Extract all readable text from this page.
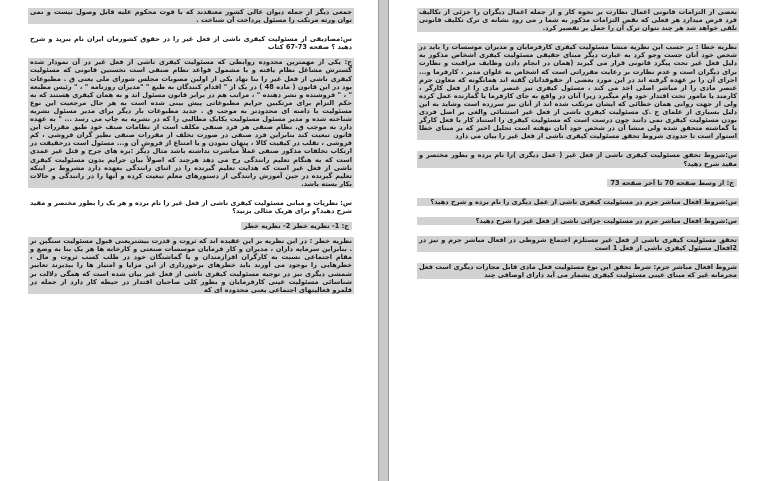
جمعی دیگر از جمله دیوان عالی کشور معتقدند که با فوت محکوم علیه قابل وصول نیست و نمی توان ورثه مرتکب را مسئول پرداخت آن شناخت .

س:مصادیقی از مسئولیت کیفری ناشی از فعل غیر را در حقوق کشورمان ایران نام ببرید و شرح دهید ؟ صفحه 73-67 کتاب

ج: یکی از مهمترین محدوده روابطی که مسئولیت کیفری ناشی از فعل غیر در آن نمودار شده گسترش مشاغل نظام یافته و با مشمول قواعد نظام صنفی است نخستین قانونی که مسئولیت کیفری ناشی از فعل غیر را بنا نهاد یکی از اولین مصوبات مجلس شورای ملی یعنی ق . مطبوعات بود در این قانون ( ماده 48 ) در یک از " اقدام کنندگان به طبع " "مدیران روزنامه " ، " رئیس مطبعه " ، " فروشنده و نشر دهنده " ، مراتب هم در برابر قانون مسئول اند و به همان کیفری هستند که به حکم التزام برای مرتکبین جرایم مطبوعاتی پیش بینی شده است به هر حال مرجعیت این نوع مسئولیت با دامنه ای محدودتر به موجب ق . جدید مطبوعات بار دیگر برای مدیر مسئول نشریه شناخته شده و مدیر مسئول مسئولیت یکایک مطالبی را که در نشریه به چاپ می رسد ... " به عهده دارد به موجب ق. نظام صنفی هر فرد صنفی مکلف است از نظامات صنف خود طبق مقررات این قانون تبعیت کند بنابراین فرد صنفی در صورت تخلف از مقررات صنفی نظیر گران فروشی ، کم فروشی ، تقلب در کیفیت کالا ، پنهان نمودن و یا امتناع از فروش آن و... مسئول است درحقیقت در ارتکاب تخلفات مذکور صنفی عملاً مباشرت نداشته باشد مثال دیگر :بزه های جرح و قتل غیر عمدی است که به هنگام تعلیم رانندگی رخ می دهد هرچند که اصولاً بیان جرایم بدون مسئولیت کیفری ناشی از فعل غیر است که هدایت تعلیم گیرنده را در اثنای رانندگی بعهده دارد مشروط بر اینکه تعلیم گیرنده در حین آموزش رانندگی از دستورهای معلم تبعیت کرده و آنها را در رانندگی و حالات بکار بسته باشد.

س: نظریات و مبانی مسئولیت کیفری ناشی از فعل غیر را نام برده و هر یک را بطور مختصر و مفید شرح دهید؟و برای هریک مثالی بزنید؟

ج: 1- نظریه خطر 2- نظریه خطر

نظریه خطر : در این نظریه بر این عقیده اند که ثروت و قدرت بیشتریعنی قبول مسئولیت سنگین تر . بنابراین سرمایه داران ، مدیران و کار فرمایان موسسات صنعتی و کارخانه ها هر یک بنا به وضع و مقام اجتماعی نسبت به کارگران افرازمندان و یا گماشتگان خود در طلب کسب ثروت و مال ، خطرهایی را بوجود می آورند باید خطرهای برخورداری از این مزایا و امتیاز ها را بپذیرند تعابیر شمشی دیگری نیز در توجیه مسئولیت کیفری ناشی از فعل غیر بیان شده است که همگی دلالت بر شناسائی مسئولیت عینی کارفرمایان و بطور کلی صاحبان اقتدار در حیطه کار دارد از جمله در قلمرو فعالیتهای اجتماعی یعنی محدوده ای که

بعضی از التزامات قانونی اعمال نظارت بر نحوه کار و از جمله اعمال دیگران را جزئی از تکالیف فرد فرض میدارد هر فعلی که نقض التزامات مذکور به شما ر می رود نشانه ی ترک تکلیف قانونی تلقی خواهد شد هر چند نتوان ترک آن را حمل بر تقصیر کرد.

نظریه خطا : بر حسب این نظریه منشا مسئولیت کیفری کارفرمایان و مدیران موسسات را باید در شخص خود آنان جست وجو کرد به عبارت دیگر مبنای حقیقی مسئولیت کیفری اشخاص مذکور به دلیل فعل غیر تحت پیگرد قانونی قرار می گیرند (همان در انجام دادن وظایف مراقبت و نظارت برای دیگران است و عدم نظارت بر رعایت مقرراتی است که اشخاص به علوان مدیر ، کارفرما و... اجرای آن را بر عهده گرفته اند در این مورد بعضی از حقوقدانان گفته اند همانگونه که معاون جرم عنصر مادی را از مباشر اصلی اخذ می کند ، مسئول کیفری نیز عنصر مادی را از فعل کارگر ، کارمند یا مامور تحت اقتدار خود وام میگیرد زیرا آنان در واقع به جای کارفرما یا گمارنده عمل کرده ولی از جهت روانی همان خطائی که ایشان مرتکب شده اند از آنان نیز سرزده است وشاید به این دلیل بسیاری از علمای ج .ک مسئولیت کیفری ناشی از فعل غیر استثنائی والغی بر اصل فردی بودن مسئولیت کیفری نمی دانند چون درست است که مسئولیت کیفری را استناد کار با فعل کارگر یا گماشته متحقق شده ولی منشا آن در شخص خود آنان نهفته است تحلیل اخیر که بر مبنای خطا استوار است تا حدودی شروط تحقق مسئولیت کیفری ناشی از فعل غیر را بیان می دارد

س:شروط تحقق مسئولیت کیفری ناشی از فعل غیر ( عمل دیگری )را نام برده و بطور مختصر و مفید شرح دهید؟

ج: از وسط صفحه 70 تا آخر صفحه 73

س:شروط افعال مباشر جرم در مسئولیت کیفری ناشی از عمل دیگری را نام برده و شرح دهید؟

س:شروط افعال مباشر جرم در مسئولیت جزائی ناشی از فعل غیر را شرح دهید؟

تحقق مسئولیت کیفری ناشی از فعل غیر مستلزم اجتماع شروطی در افعال مباشر جرم و نیز در 2افعال مسئول کیفری ناشی از فعل 1 است

شروط افعال مباشر جرم: شرط تحقق این نوع مسئولیت فعل مادی قابل مجازات دیگری است فعل مجرمانه غیر که مبنای عینی مسئولیت کیفری بشمار می آید دارای اوصافی چند
